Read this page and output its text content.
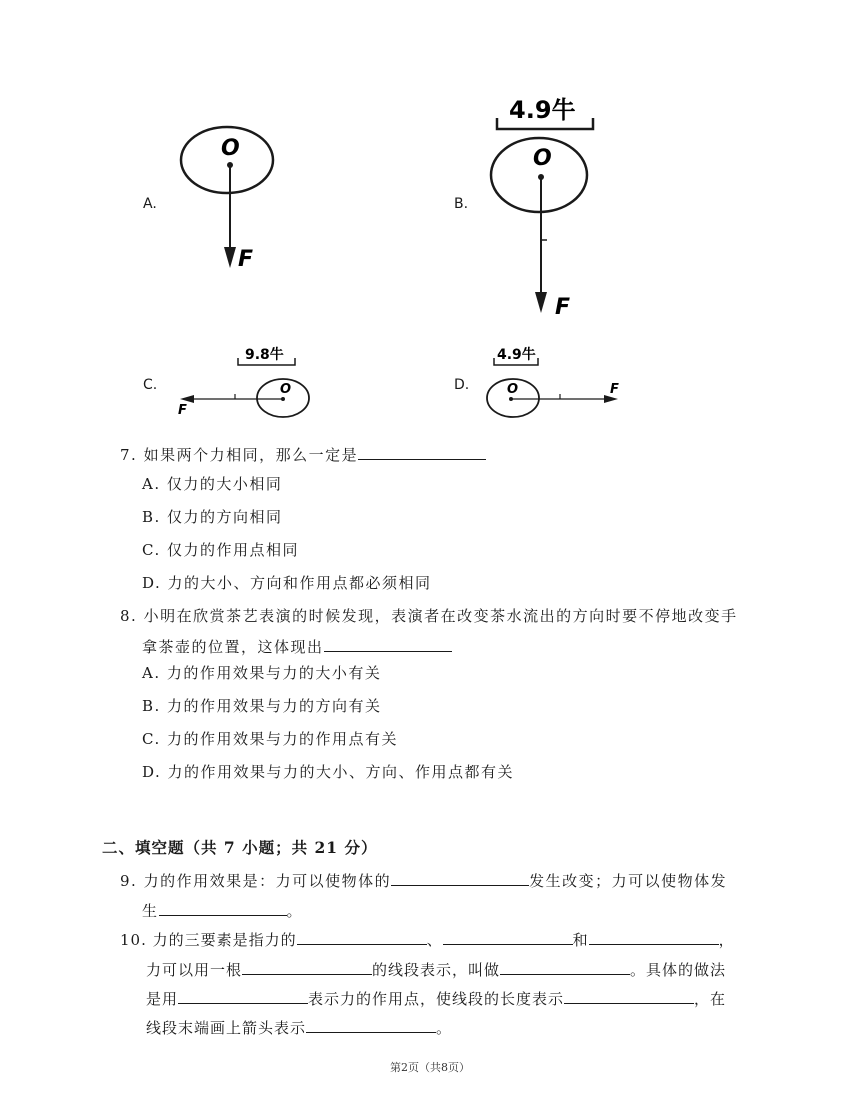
A.
O
F
B.
4.9牛
O
F
C.
9.8牛
O
F
D.
4.9牛
O	F
7. 如果两个力相同，那么一定是
A. 仅力的大小相同
B. 仅力的方向相同
C. 仅力的作用点相同
D. 力的大小、方向和作用点都必须相同
8. 小明在欣赏茶艺表演的时候发现，表演者在改变茶水流出的方向时要不停地改变手
拿茶壶的位置，这体现出
A. 力的作用效果与力的大小有关
B. 力的作用效果与力的方向有关
C. 力的作用效果与力的作用点有关
D. 力的作用效果与力的大小、方向、作用点都有关
二、填空题（共 7 小题；共 21 分）
9. 力的作用效果是：力可以使物体的	发生改变；力可以使物体发
生	。
10. 力的三要素是指力的	、	和	，
力可以用一根	的线段表示，叫做	。具体的做法
是用	表示力的作用点，使线段的长度表示	，在
线段末端画上箭头表示	。
第2页（共8页）
